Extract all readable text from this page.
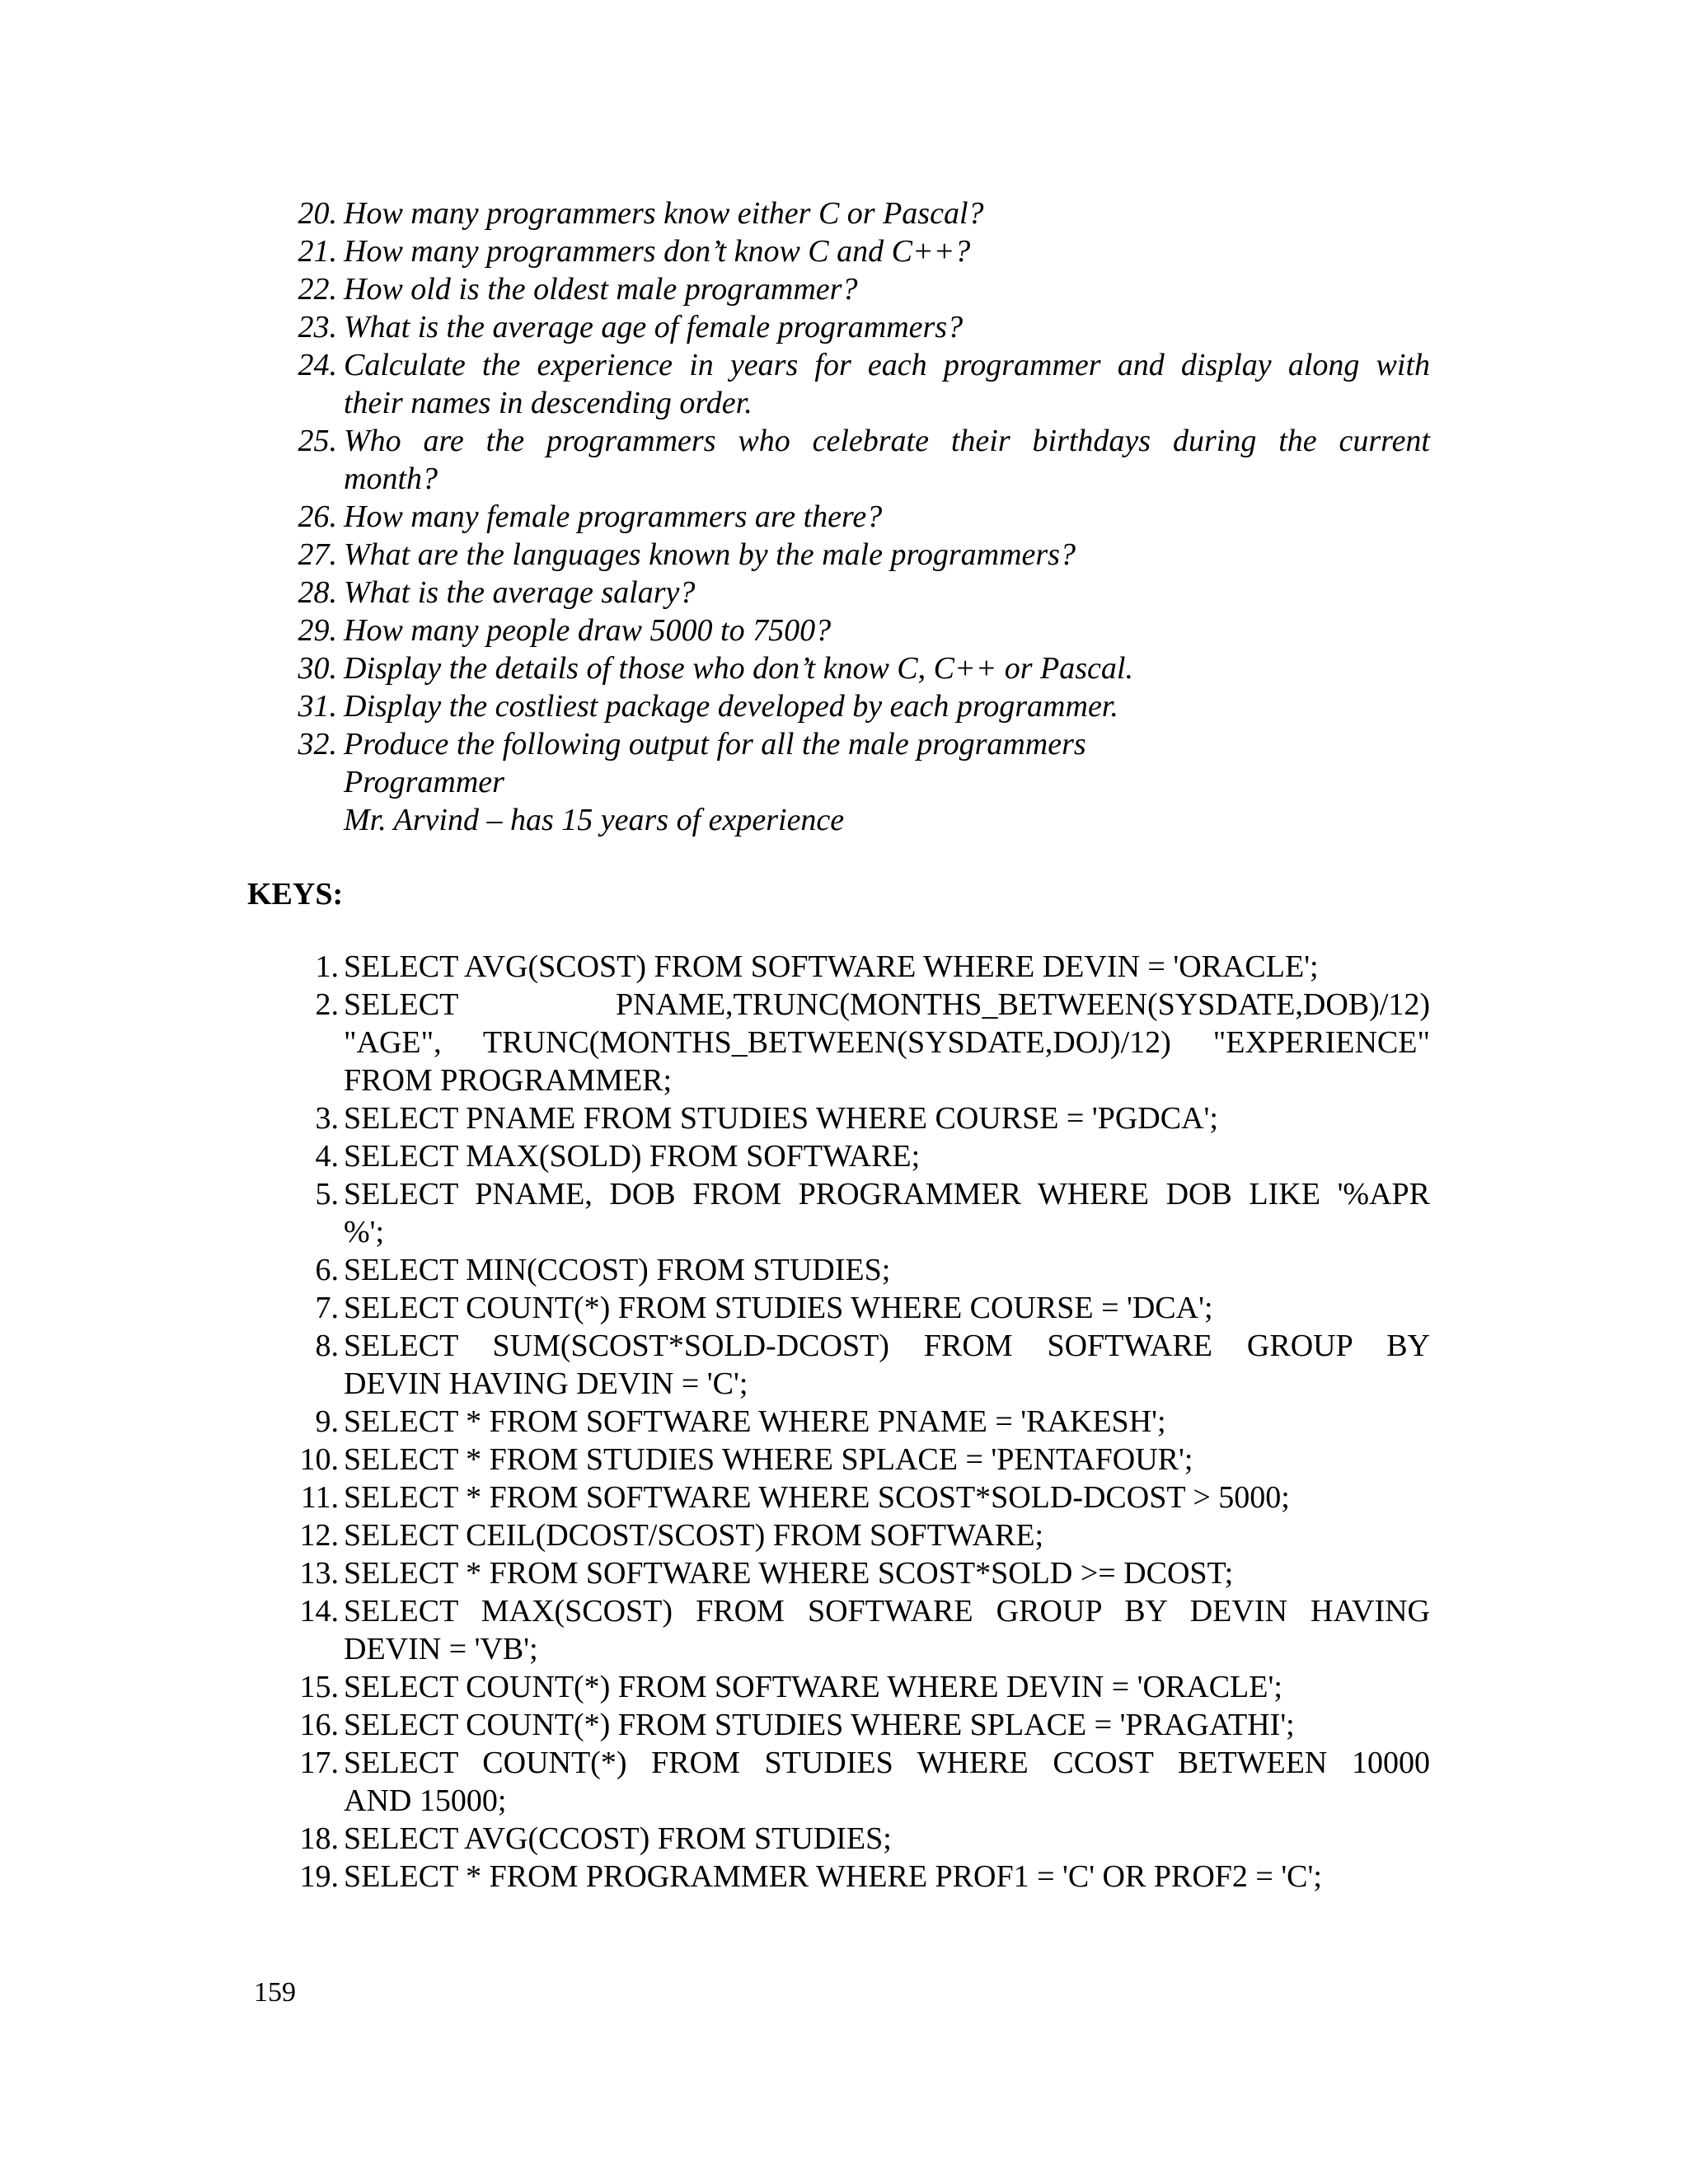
20. How many programmers know either C or Pascal?
21. How many programmers don’t know C and C++?
22. How old is the oldest male programmer?
23. What is the average age of female programmers?
24. Calculate the experience in years for each programmer and display along with
their names in descending order.
25. Who are the programmers who celebrate their birthdays during the current
month?
26. How many female programmers are there?
27. What are the languages known by the male programmers?
28. What is the average salary?
29. How many people draw 5000 to 7500?
30. Display the details of those who don’t know C, C++ or Pascal.
31. Display the costliest package developed by each programmer.
32. Produce the following output for all the male programmers
Programmer
Mr. Arvind – has 15 years of experience
KEYS:
1. SELECT AVG(SCOST) FROM SOFTWARE WHERE DEVIN = 'ORACLE';
2. SELECT            PNAME,TRUNC(MONTHS_BETWEEN(SYSDATE,DOB)/12)
"AGE",  TRUNC(MONTHS_BETWEEN(SYSDATE,DOJ)/12)  "EXPERIENCE"
FROM PROGRAMMER;
3. SELECT PNAME FROM STUDIES WHERE COURSE = 'PGDCA';
4. SELECT MAX(SOLD) FROM SOFTWARE;
5. SELECT PNAME, DOB FROM PROGRAMMER WHERE DOB LIKE '%APR
%';
6. SELECT MIN(CCOST) FROM STUDIES;
7. SELECT COUNT(*) FROM STUDIES WHERE COURSE = 'DCA';
8. SELECT SUM(SCOST*SOLD-DCOST) FROM SOFTWARE GROUP BY
DEVIN HAVING DEVIN = 'C';
9. SELECT * FROM SOFTWARE WHERE PNAME = 'RAKESH';
10. SELECT * FROM STUDIES WHERE SPLACE = 'PENTAFOUR';
11. SELECT * FROM SOFTWARE WHERE SCOST*SOLD-DCOST > 5000;
12. SELECT CEIL(DCOST/SCOST) FROM SOFTWARE;
13. SELECT * FROM SOFTWARE WHERE SCOST*SOLD >= DCOST;
14. SELECT MAX(SCOST) FROM SOFTWARE GROUP BY DEVIN HAVING
DEVIN = 'VB';
15. SELECT COUNT(*) FROM SOFTWARE WHERE DEVIN = 'ORACLE';
16. SELECT COUNT(*) FROM STUDIES WHERE SPLACE = 'PRAGATHI';
17. SELECT COUNT(*) FROM STUDIES WHERE CCOST BETWEEN 10000
AND 15000;
18. SELECT AVG(CCOST) FROM STUDIES;
19. SELECT * FROM PROGRAMMER WHERE PROF1 = 'C' OR PROF2 = 'C';
159
